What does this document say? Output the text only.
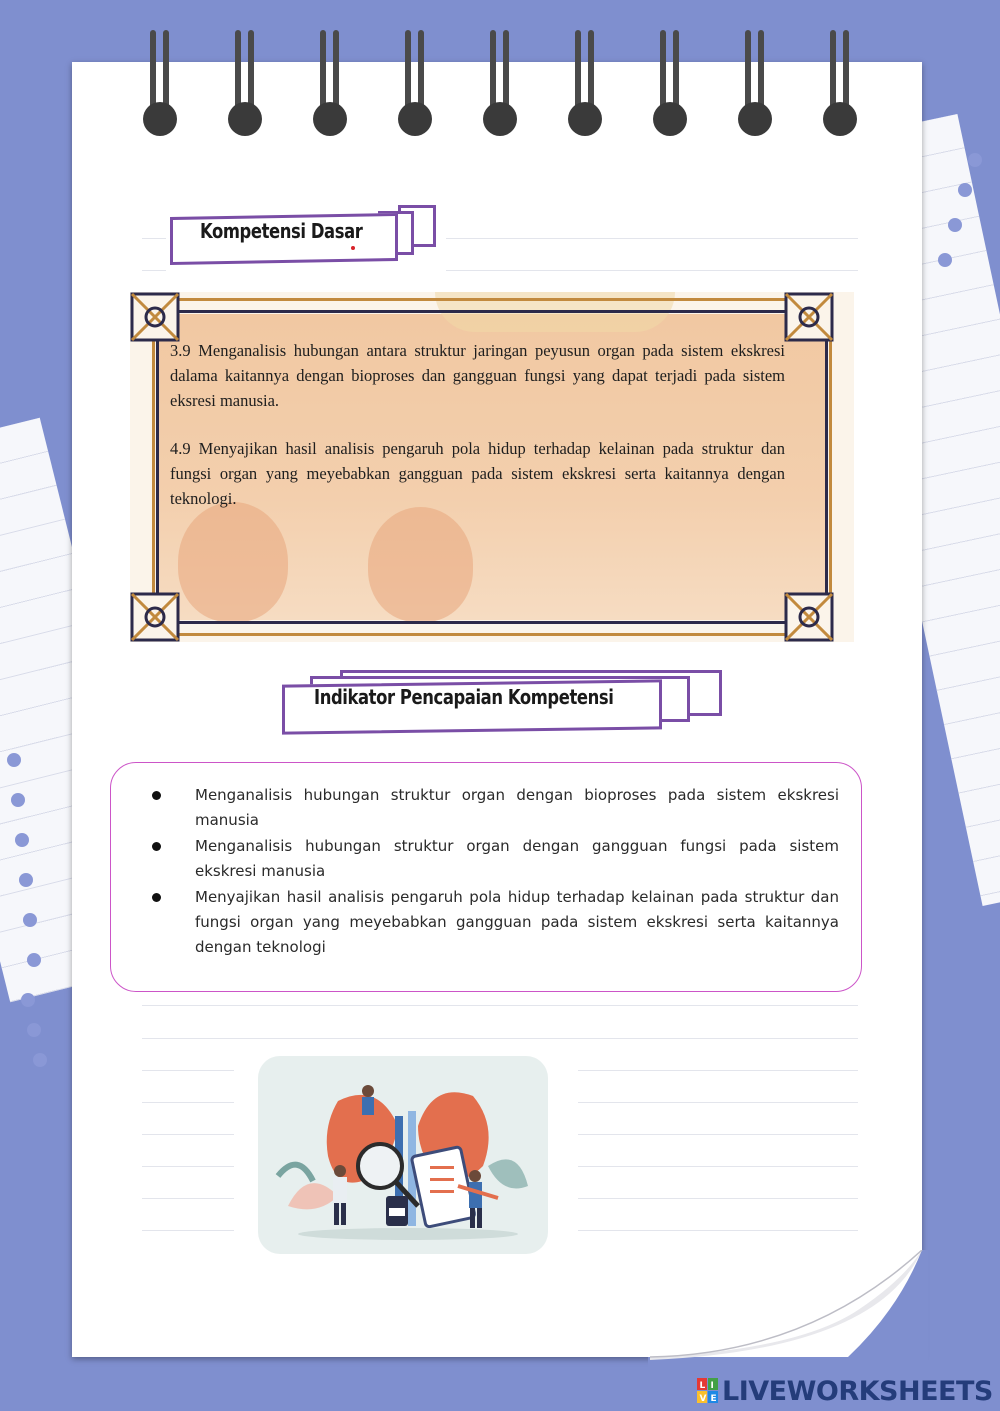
Kompetensi Dasar

3.9 Menganalisis hubungan antara struktur jaringan peyusun organ pada sistem ekskresi dalama kaitannya dengan bioproses dan gangguan fungsi yang dapat terjadi pada sistem eksresi manusia.

4.9 Menyajikan hasil analisis pengaruh pola hidup terhadap kelainan pada struktur dan fungsi organ yang meyebabkan gangguan pada sistem ekskresi serta kaitannya dengan teknologi.

Indikator Pencapaian Kompetensi
Menganalisis hubungan struktur organ dengan bioproses pada sistem ekskresi manusia
Menganalisis hubungan struktur organ dengan gangguan fungsi pada sistem ekskresi manusia
Menyajikan hasil analisis pengaruh pola hidup terhadap kelainan pada struktur dan fungsi organ yang meyebabkan gangguan pada sistem ekskresi serta kaitannya dengan teknologi
L I
V E LIVEWORKSHEETS
